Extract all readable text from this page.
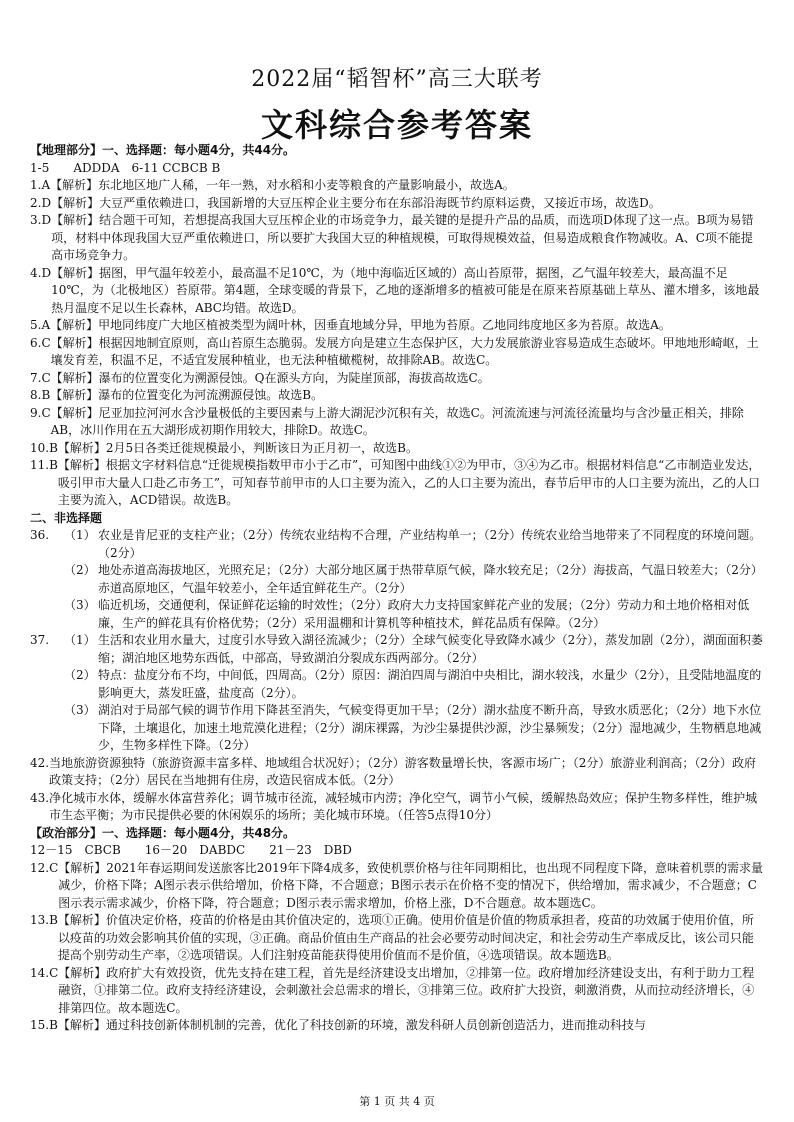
2022届“韬智杯”高三大联考
文科综合参考答案

【地理部分】一、选择题：每小题4分，共44分。

1-5　　ADDDA　6-11 CCBCB B

1.A 【解析】东北地区地广人稀，一年一熟，对水稻和小麦等粮食的产量影响最小，故选A。
2.D 【解析】大豆严重依赖进口，我国新增的大豆压榨企业主要分布在东部沿海既节约原料运费，又接近市场，故选D。
3.D 【解析】结合题干可知，若想提高我国大豆压榨企业的市场竞争力，最关键的是提升产品的品质，而选项D体现了这一点。B项为易错项，材料中体现我国大豆严重依赖进口，所以要扩大我国大豆的种植规模，可取得规模效益，但易造成粮食作物减收。A、C项不能提高市场竞争力。
4.D 【解析】据图，甲气温年较差小，最高温不足10℃，为（地中海临近区域的）高山苔原带，据图，乙气温年较差大，最高温不足10℃，为（北极地区）苔原带。第4题，全球变暖的背景下，乙地的逐渐增多的植被可能是在原来苔原基础上草丛、灌木增多，该地最热月温度不足以生长森林，ABC均错。故选D。
5.A 【解析】甲地同纬度广大地区植被类型为阔叶林，因垂直地域分异，甲地为苔原。乙地同纬度地区多为苔原。故选A。
6.C 【解析】根据因地制宜原则，高山苔原生态脆弱。发展方向是建立生态保护区，大力发展旅游业容易造成生态破坏。甲地地形崎岖，土壤发育差，积温不足，不适宜发展种植业，也无法种植橄榄树，故排除AB。故选C。
7.C 【解析】瀑布的位置变化为溯源侵蚀。Q在源头方向，为陡崖顶部，海拔高故选C。
8.B 【解析】瀑布的位置变化为河流溯源侵蚀。故选B。
9.C 【解析】尼亚加拉河河水含沙量极低的主要因素与上游大湖泥沙沉积有关，故选C。河流流速与河流径流量均与含沙量正相关，排除AB，冰川作用在五大湖形成初期作用较大，排除D。故选C。
10.B 【解析】2月5日各类迁徙规模最小，判断该日为正月初一，故选B。
11.B 【解析】根据文字材料信息“迁徙规模指数甲市小于乙市”，可知图中曲线①②为甲市，③④为乙市。根据材料信息“乙市制造业发达，吸引甲市大量人口赴乙市务工”，可知春节前甲市的人口主要为流入，乙的人口主要为流出，春节后甲市的人口主要为流出，乙的人口主要为流入，ACD错误。故选B。

二、非选择题

36.	（1） 农业是肯尼亚的支柱产业；（2分）传统农业结构不合理，产业结构单一；（2分）传统农业给当地带来了不同程度的环境问题。（2分）
（2） 地处赤道高海拔地区，光照充足；（2分）大部分地区属于热带草原气候，降水较充足；（2分）海拔高，气温日较差大；（2分）赤道高原地区，气温年较差小，全年适宜鲜花生产。（2分）
（3） 临近机场，交通便利，保证鲜花运输的时效性；（2分）政府大力支持国家鲜花产业的发展；（2分）劳动力和土地价格相对低廉，生产的鲜花具有价格优势；（2分）采用温棚和计算机等种植技术，鲜花品质有保障。（2分）
37.	（1） 生活和农业用水量大，过度引水导致入湖径流减少；（2分）全球气候变化导致降水减少（2分），蒸发加剧（2分），湖面面积萎缩；湖泊地区地势东西低，中部高，导致湖泊分裂成东西两部分。（2分）
（2） 特点：盐度分布不均，中间低，四周高。（2分）原因：湖泊四周与湖泊中央相比，湖水较浅，水量少（2分），且受陆地温度的影响更大，蒸发旺盛，盐度高（2分）。
（3） 湖泊对于局部气候的调节作用下降甚至消失，气候变得更加干旱；（2分）湖水盐度不断升高，导致水质恶化；（2分）地下水位下降，土壤退化，加速土地荒漠化进程；（2分）湖床裸露，为沙尘暴提供沙源，沙尘暴频发；（2分）湿地减少，生物栖息地减少，生物多样性下降。（2分）
42. 当地旅游资源独特（旅游资源丰富多样、地域组合状况好）；（2分）游客数量增长快，客源市场广；（2分）旅游业利润高；（2分）政府政策支持；（2分）居民在当地拥有住房，改造民宿成本低。（2分）
43. 净化城市水体，缓解水体富营养化；调节城市径流，减轻城市内涝；净化空气，调节小气候，缓解热岛效应；保护生物多样性，维护城市生态平衡；为市民提供必要的休闲娱乐的场所；美化城市环境。（任答5点得10分）

【政治部分】一、选择题：每小题4分，共48分。

12－15　CBCB　　16－20　DABDC　　21－23　DBD

12.C 【解析】2021年春运期间发送旅客比2019年下降4成多，致使机票价格与往年同期相比，也出现不同程度下降，意味着机票的需求量减少，价格下降；A图示表示供给增加，价格下降，不合题意；B图示表示在价格不变的情况下，供给增加，需求减少，不合题意；C图示表示需求减少，价格下降，符合题意；D图示表示需求增加，价格上涨，D不合题意。故本题选C。
13.B 【解析】价值决定价格，疫苗的价格是由其价值决定的，选项①正确。使用价值是价值的物质承担者，疫苗的功效属于使用价值，所以疫苗的功效会影响其价值的实现，③正确。商品价值由生产商品的社会必要劳动时间决定，和社会劳动生产率成反比，该公司只能提高个别劳动生产率，②选项错误。人们注射疫苗能获得使用价值而不是价值，④选项错误。故本题选B。
14.C 【解析】政府扩大有效投资，优先支持在建工程，首先是经济建设支出增加，②排第一位。政府增加经济建设支出，有利于助力工程融资，①排第二位。政府支持经济建设，会刺激社会总需求的增长，③排第三位。政府扩大投资，刺激消费，从而拉动经济增长，④排第四位。故本题选C。
15.B 【解析】通过科技创新体制机制的完善，优化了科技创新的环境，激发科研人员创新创造活力，进而推动科技与
第 1 页 共 4 页
